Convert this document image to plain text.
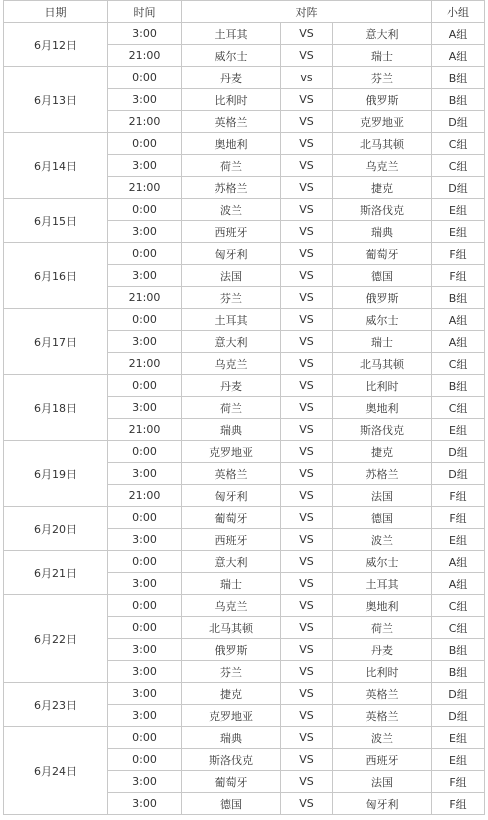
日期	时间	对阵			小组
6月12日	3:00	土耳其	VS	意大利	A组
	21:00	威尔士	VS	瑞士	A组
6月13日	0:00	丹麦	vs	芬兰	B组
	3:00	比利时	VS	俄罗斯	B组
	21:00	英格兰	VS	克罗地亚	D组
6月14日	0:00	奥地利	VS	北马其顿	C组
	3:00	荷兰	VS	乌克兰	C组
	21:00	苏格兰	VS	捷克	D组
6月15日	0:00	波兰	VS	斯洛伐克	E组
	3:00	西班牙	VS	瑞典	E组
6月16日	0:00	匈牙利	VS	葡萄牙	F组
	3:00	法国	VS	德国	F组
	21:00	芬兰	VS	俄罗斯	B组
6月17日	0:00	土耳其	VS	威尔士	A组
	3:00	意大利	VS	瑞士	A组
	21:00	乌克兰	VS	北马其顿	C组
6月18日	0:00	丹麦	VS	比利时	B组
	3:00	荷兰	VS	奥地利	C组
	21:00	瑞典	VS	斯洛伐克	E组
6月19日	0:00	克罗地亚	VS	捷克	D组
	3:00	英格兰	VS	苏格兰	D组
	21:00	匈牙利	VS	法国	F组
6月20日	0:00	葡萄牙	VS	德国	F组
	3:00	西班牙	VS	波兰	E组
6月21日	0:00	意大利	VS	威尔士	A组
	3:00	瑞士	VS	土耳其	A组
6月22日	0:00	乌克兰	VS	奥地利	C组
	0:00	北马其顿	VS	荷兰	C组
	3:00	俄罗斯	VS	丹麦	B组
	3:00	芬兰	VS	比利时	B组
6月23日	3:00	捷克	VS	英格兰	D组
	3:00	克罗地亚	VS	英格兰	D组
6月24日	0:00	瑞典	VS	波兰	E组
	0:00	斯洛伐克	VS	西班牙	E组
	3:00	葡萄牙	VS	法国	F组
	3:00	德国	VS	匈牙利	F组
